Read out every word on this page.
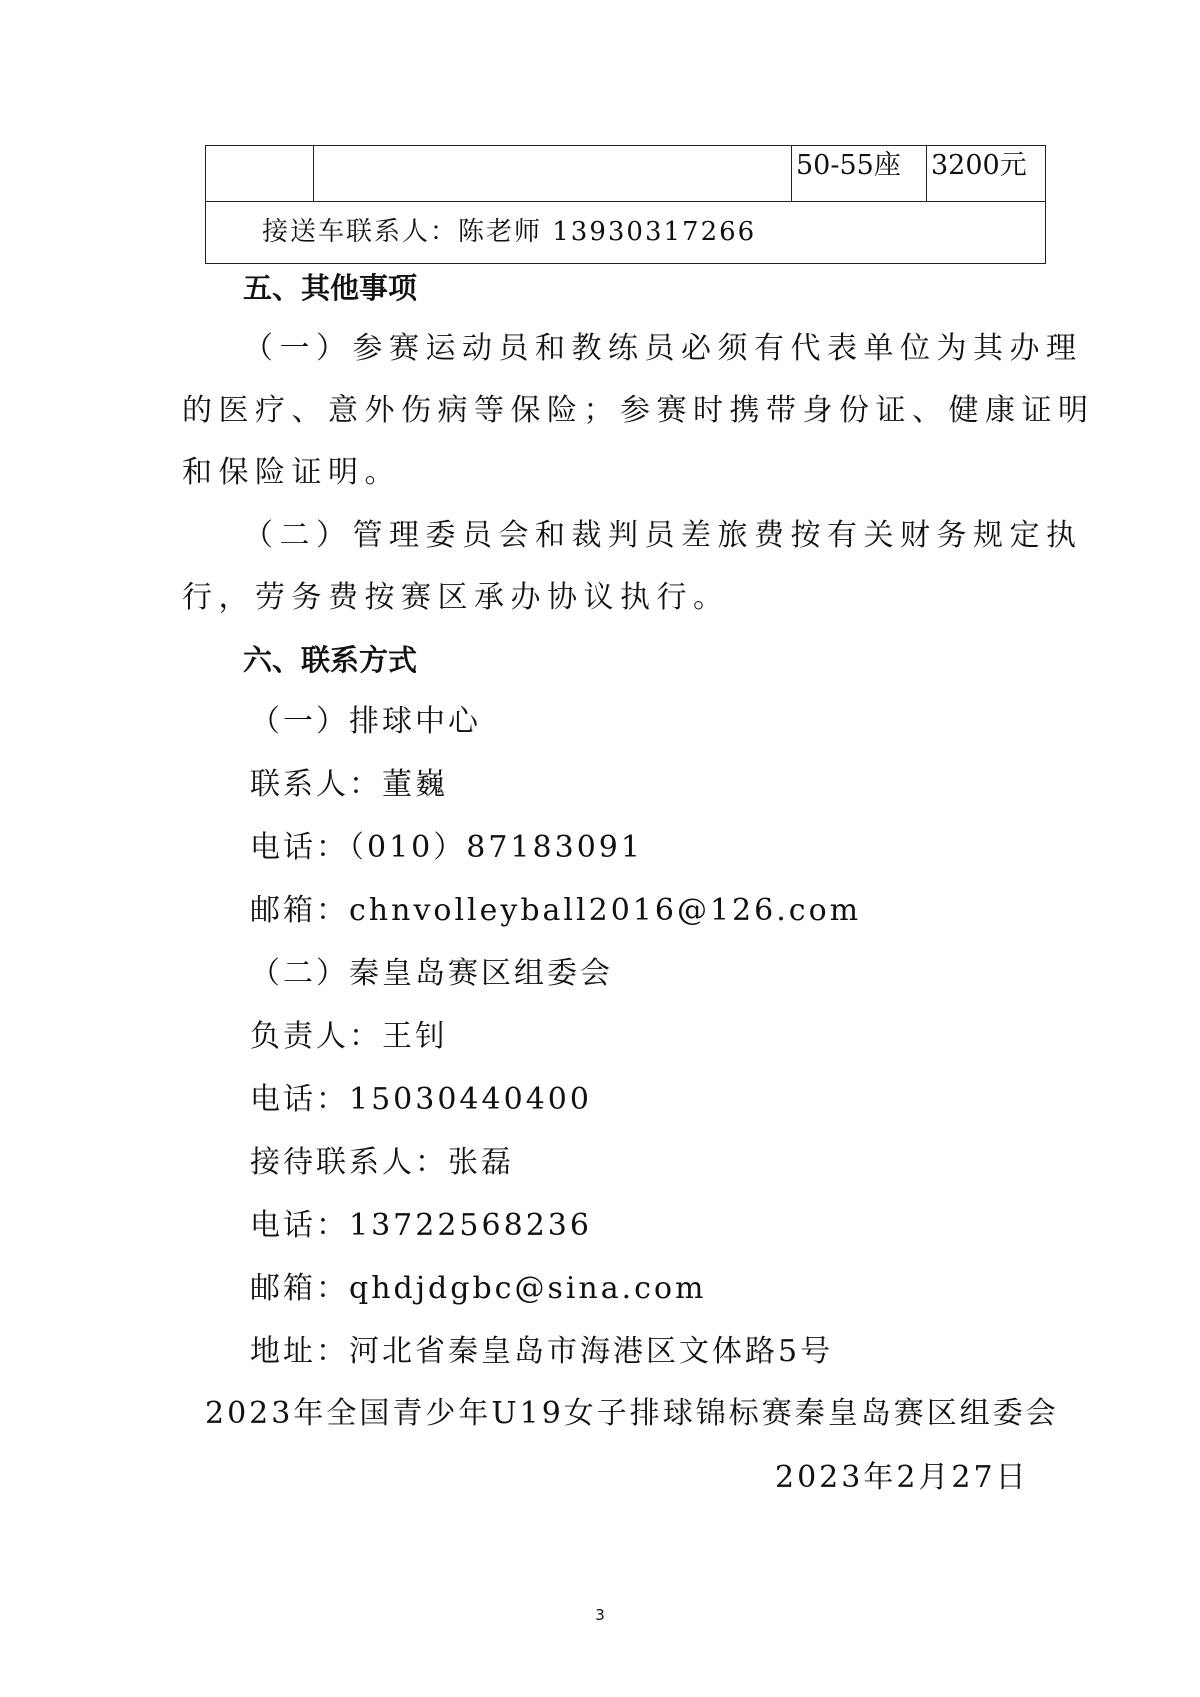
50-55座	3200元
接送车联系人：陈老师 13930317266
五、其他事项
（一）参赛运动员和教练员必须有代表单位为其办理
的医疗、意外伤病等保险；参赛时携带身份证、健康证明
和保险证明。
（二）管理委员会和裁判员差旅费按有关财务规定执
行，劳务费按赛区承办协议执行。
六、联系方式
（一）排球中心
联系人：董巍
电话：（010）87183091
邮箱：chnvolleyball2016@126.com
（二）秦皇岛赛区组委会
负责人：王钊
电话：15030440400
接待联系人：张磊
电话：13722568236
邮箱：qhdjdgbc@sina.com
地址：河北省秦皇岛市海港区文体路5号
2023年全国青少年U19女子排球锦标赛秦皇岛赛区组委会
2023年2月27日
3
